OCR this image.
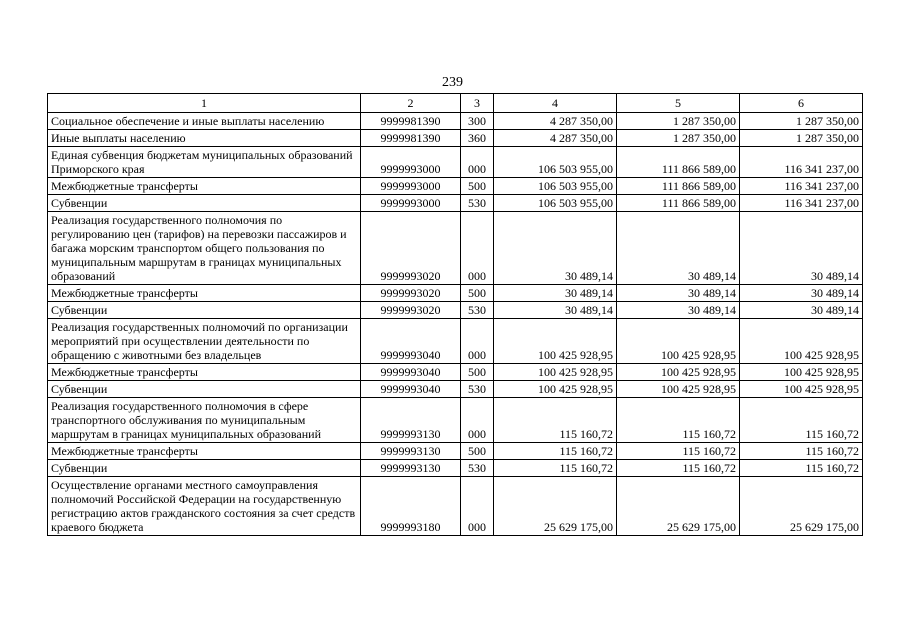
239
1	2	3	4	5	6
Социальное обеспечение и иные выплаты населению	9999981390	300	4 287 350,00	1 287 350,00	1 287 350,00
Иные выплаты населению	9999981390	360	4 287 350,00	1 287 350,00	1 287 350,00
Единая субвенция бюджетам муниципальных образований Приморского края	9999993000	000	106 503 955,00	111 866 589,00	116 341 237,00
Межбюджетные трансферты	9999993000	500	106 503 955,00	111 866 589,00	116 341 237,00
Субвенции	9999993000	530	106 503 955,00	111 866 589,00	116 341 237,00
Реализация государственного полномочия по регулированию цен (тарифов) на перевозки пассажиров и багажа морским транспортом общего пользования по муниципальным маршрутам в границах муниципальных образований	9999993020	000	30 489,14	30 489,14	30 489,14
Межбюджетные трансферты	9999993020	500	30 489,14	30 489,14	30 489,14
Субвенции	9999993020	530	30 489,14	30 489,14	30 489,14
Реализация государственных полномочий по организации мероприятий при осуществлении деятельности по обращению с животными без владельцев	9999993040	000	100 425 928,95	100 425 928,95	100 425 928,95
Межбюджетные трансферты	9999993040	500	100 425 928,95	100 425 928,95	100 425 928,95
Субвенции	9999993040	530	100 425 928,95	100 425 928,95	100 425 928,95
Реализация государственного полномочия в сфере транспортного обслуживания по муниципальным маршрутам в границах муниципальных образований	9999993130	000	115 160,72	115 160,72	115 160,72
Межбюджетные трансферты	9999993130	500	115 160,72	115 160,72	115 160,72
Субвенции	9999993130	530	115 160,72	115 160,72	115 160,72
Осуществление органами местного самоуправления полномочий Российской Федерации на государственную регистрацию актов гражданского состояния за счет средств краевого бюджета	9999993180	000	25 629 175,00	25 629 175,00	25 629 175,00
